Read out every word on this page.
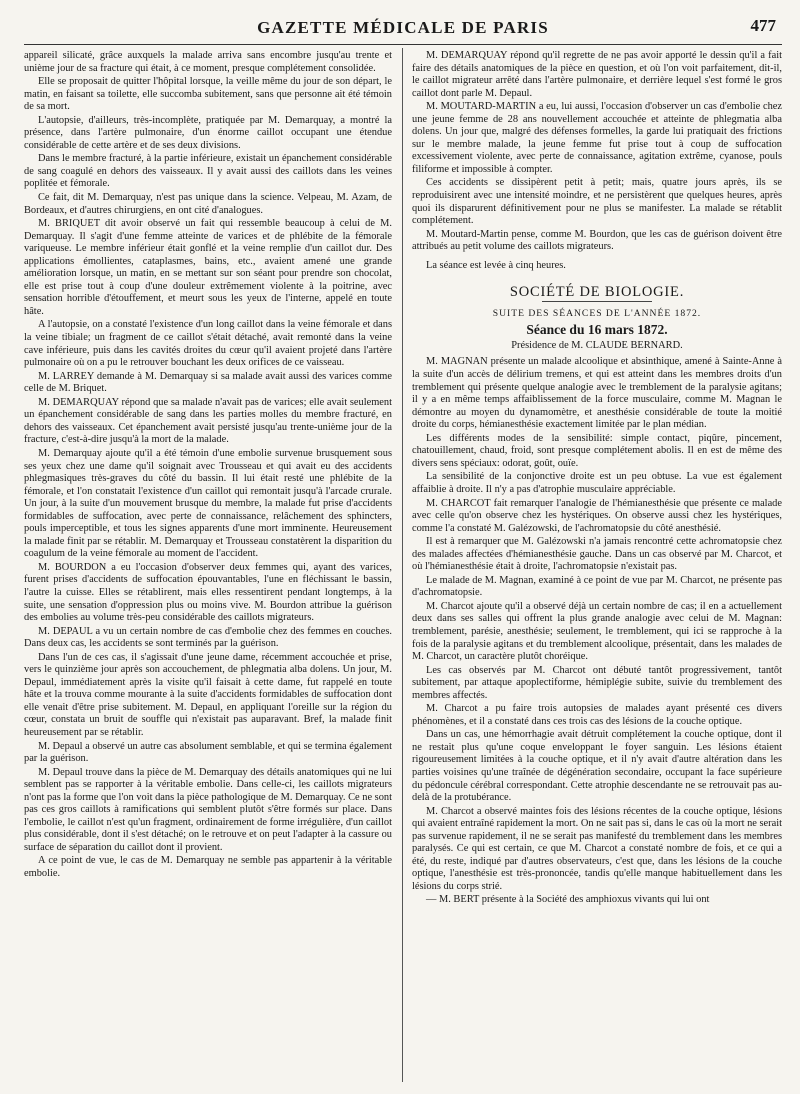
GAZETTE MÉDICALE DE PARIS	477

appareil silicaté, grâce auxquels la malade arriva sans encombre jusqu'au trente et unième jour de sa fracture qui était, à ce moment, presque complétement consolidée.

Elle se proposait de quitter l'hôpital lorsque, la veille même du jour de son départ, le matin, en faisant sa toilette, elle succomba subitement, sans que personne ait été témoin de sa mort.

L'autopsie, d'ailleurs, très-incomplète, pratiquée par M. Demarquay, a montré la présence, dans l'artère pulmonaire, d'un énorme caillot occupant une étendue considérable de cette artère et de ses deux divisions.

Dans le membre fracturé, à la partie inférieure, existait un épanchement considérable de sang coagulé en dehors des vaisseaux. Il y avait aussi des caillots dans les veines poplitée et fémorale.

Ce fait, dit M. Demarquay, n'est pas unique dans la science. Velpeau, M. Azam, de Bordeaux, et d'autres chirurgiens, en ont cité d'analogues.

M. BRIQUET dit avoir observé un fait qui ressemble beaucoup à celui de M. Demarquay. Il s'agit d'une femme atteinte de varices et de phlébite de la fémorale variqueuse. Le membre inférieur était gonflé et la veine remplie d'un caillot dur. Des applications émollientes, cataplasmes, bains, etc., avaient amené une grande amélioration lorsque, un matin, en se mettant sur son séant pour prendre son chocolat, elle est prise tout à coup d'une douleur extrêmement violente à la poitrine, avec sensation horrible d'étouffement, et meurt sous les yeux de l'interne, appelé en toute hâte.

A l'autopsie, on a constaté l'existence d'un long caillot dans la veine fémorale et dans la veine tibiale; un fragment de ce caillot s'était détaché, avait remonté dans la veine cave inférieure, puis dans les cavités droites du cœur qu'il avaient projeté dans l'artère pulmonaire où on a pu le retrouver bouchant les deux orifices de ce vaisseau.

M. LARREY demande à M. Demarquay si sa malade avait aussi des varices comme celle de M. Briquet.

M. DEMARQUAY répond que sa malade n'avait pas de varices; elle avait seulement un épanchement considérable de sang dans les parties molles du membre fracturé, en dehors des vaisseaux. Cet épanchement avait persisté jusqu'au trente-unième jour de la fracture, c'est-à-dire jusqu'à la mort de la malade.

M. Demarquay ajoute qu'il a été témoin d'une embolie survenue brusquement sous ses yeux chez une dame qu'il soignait avec Trousseau et qui avait eu des accidents phlegmasiques très-graves du côté du bassin. Il lui était resté une phlébite de la fémorale, et l'on constatait l'existence d'un caillot qui remontait jusqu'à l'arcade crurale. Un jour, à la suite d'un mouvement brusque du membre, la malade fut prise d'accidents formidables de suffocation, avec perte de connaissance, relâchement des sphincters, pouls imperceptible, et tous les signes apparents d'une mort imminente. Heureusement la malade finit par se rétablir. M. Demarquay et Trousseau constatèrent la disparition du coagulum de la veine fémorale au moment de l'accident.

M. BOURDON a eu l'occasion d'observer deux femmes qui, ayant des varices, furent prises d'accidents de suffocation épouvantables, l'une en fléchissant le bassin, l'autre la cuisse. Elles se rétablirent, mais elles ressentirent pendant longtemps, à la suite, une sensation d'oppression plus ou moins vive. M. Bourdon attribue la guérison des embolies au volume très-peu considérable des caillots migrateurs.

M. DEPAUL a vu un certain nombre de cas d'embolie chez des femmes en couches. Dans deux cas, les accidents se sont terminés par la guérison.

Dans l'un de ces cas, il s'agissait d'une jeune dame, récemment accouchée et prise, vers le quinzième jour après son accouchement, de phlegmatia alba dolens. Un jour, M. Depaul, immédiatement après la visite qu'il faisait à cette dame, fut rappelé en toute hâte et la trouva comme mourante à la suite d'accidents formidables de suffocation dont elle venait d'être prise subitement. M. Depaul, en appliquant l'oreille sur la région du cœur, constata un bruit de souffle qui n'existait pas auparavant. Bref, la malade finit heureusement par se rétablir.

M. Depaul a observé un autre cas absolument semblable, et qui se termina également par la guérison.

M. Depaul trouve dans la pièce de M. Demarquay des détails anatomiques qui ne lui semblent pas se rapporter à la véritable embolie. Dans celle-ci, les caillots migrateurs n'ont pas la forme que l'on voit dans la pièce pathologique de M. Demarquay. Ce ne sont pas ces gros caillots à ramifications qui semblent plutôt s'être formés sur place. Dans l'embolie, le caillot n'est qu'un fragment, ordinairement de forme irrégulière, d'un caillot plus considérable, dont il s'est détaché; on le retrouve et on peut l'adapter à la cassure ou surface de séparation du caillot dont il provient.

A ce point de vue, le cas de M. Demarquay ne semble pas appartenir à la véritable embolie.

M. DEMARQUAY répond qu'il regrette de ne pas avoir apporté le dessin qu'il a fait faire des détails anatomiques de la pièce en question, et où l'on voit parfaitement, dit-il, le caillot migrateur arrêté dans l'artère pulmonaire, et derrière lequel s'est formé le gros caillot dont parle M. Depaul.

M. MOUTARD-MARTIN a eu, lui aussi, l'occasion d'observer un cas d'embolie chez une jeune femme de 28 ans nouvellement accouchée et atteinte de phlegmatia alba dolens. Un jour que, malgré des défenses formelles, la garde lui pratiquait des frictions sur le membre malade, la jeune femme fut prise tout à coup de suffocation excessivement violente, avec perte de connaissance, agitation extrême, cyanose, pouls filiforme et impossible à compter.

Ces accidents se dissipèrent petit à petit; mais, quatre jours après, ils se reproduisirent avec une intensité moindre, et ne persistèrent que quelques heures, après quoi ils disparurent définitivement pour ne plus se manifester. La malade se rétablit complétement.

M. Moutard-Martin pense, comme M. Bourdon, que les cas de guérison doivent être attribués au petit volume des caillots migrateurs.

La séance est levée à cinq heures.

SOCIÉTÉ DE BIOLOGIE.

SUITE DES SÉANCES DE L'ANNÉE 1872.

Séance du 16 mars 1872.

Présidence de M. CLAUDE BERNARD.

M. MAGNAN présente un malade alcoolique et absinthique, amené à Sainte-Anne à la suite d'un accès de délirium tremens, et qui est atteint dans les membres droits d'un tremblement qui présente quelque analogie avec le tremblement de la paralysie agitans; il y a en même temps affaiblissement de la force musculaire, comme M. Magnan le démontre au moyen du dynamomètre, et anesthésie considérable de toute la moitié droite du corps, hémianesthésie exactement limitée par le plan médian.

Les différents modes de la sensibilité: simple contact, piqûre, pincement, chatouillement, chaud, froid, sont presque complétement abolis. Il en est de même des divers sens spéciaux: odorat, goût, ouïe.

La sensibilité de la conjonctive droite est un peu obtuse. La vue est également affaiblie à droite. Il n'y a pas d'atrophie musculaire appréciable.

M. CHARCOT fait remarquer l'analogie de l'hémianesthésie que présente ce malade avec celle qu'on observe chez les hystériques. On observe aussi chez les hystériques, comme l'a constaté M. Galézowski, de l'achromatopsie du côté anesthésié.

Il est à remarquer que M. Galézowski n'a jamais rencontré cette achromatopsie chez des malades affectées d'hémianesthésie gauche. Dans un cas observé par M. Charcot, et où l'hémianesthésie était à droite, l'achromatopsie n'existait pas.

Le malade de M. Magnan, examiné à ce point de vue par M. Charcot, ne présente pas d'achromatopsie.

M. Charcot ajoute qu'il a observé déjà un certain nombre de cas; il en a actuellement deux dans ses salles qui offrent la plus grande analogie avec celui de M. Magnan: tremblement, parésie, anesthésie; seulement, le tremblement, qui ici se rapproche à la fois de la paralysie agitans et du tremblement alcoolique, présentait, dans les malades de M. Charcot, un caractère plutôt choréique.

Les cas observés par M. Charcot ont débuté tantôt progressivement, tantôt subitement, par attaque apoplectiforme, hémiplégie subite, suivie du tremblement des membres affectés.

M. Charcot a pu faire trois autopsies de malades ayant présenté ces divers phénomènes, et il a constaté dans ces trois cas des lésions de la couche optique.

Dans un cas, une hémorrhagie avait détruit complétement la couche optique, dont il ne restait plus qu'une coque enveloppant le foyer sanguin. Les lésions étaient rigoureusement limitées à la couche optique, et il n'y avait d'autre altération dans les parties voisines qu'une traînée de dégénération secondaire, occupant la face supérieure du pédoncule cérébral correspondant. Cette atrophie descendante ne se retrouvait pas au-delà de la protubérance.

M. Charcot a observé maintes fois des lésions récentes de la couche optique, lésions qui avaient entraîné rapidement la mort. On ne sait pas si, dans le cas où la mort ne serait pas survenue rapidement, il ne se serait pas manifesté du tremblement dans les membres paralysés. Ce qui est certain, ce que M. Charcot a constaté nombre de fois, et ce qui a été, du reste, indiqué par d'autres observateurs, c'est que, dans les lésions de la couche optique, l'anesthésie est très-prononcée, tandis qu'elle manque habituellement dans les lésions du corps strié.

— M. BERT présente à la Société des amphioxus vivants qui lui ont
